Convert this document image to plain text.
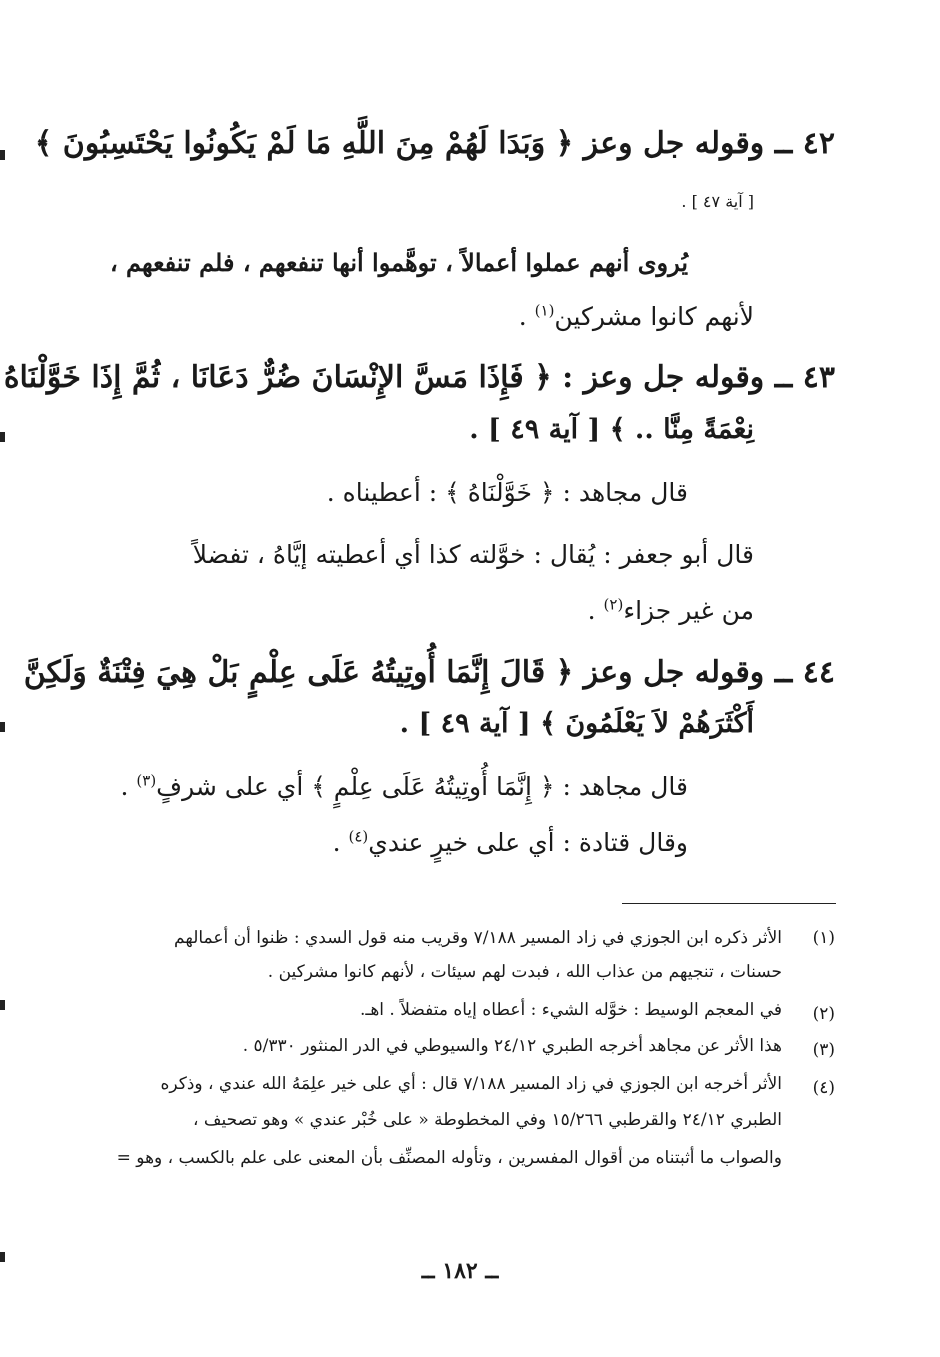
٤٢ ــ وقوله جل وعز ﴿ وَبَدَا لَهُمْ مِنَ اللَّهِ مَا لَمْ يَكُونُوا يَحْتَسِبُونَ ﴾
[ آية ٤٧ ] .
يُروى أنهم عملوا أعمالاً ، توهَّموا أنها تنفعهم ، فلم تنفعهم ،
لأنهم كانوا مشركين$^{(١)}$ .
٤٣ ــ وقوله جل وعز : ﴿ فَإِذَا مَسَّ الإِنْسَانَ ضُرٌّ دَعَانَا ، ثُمَّ إِذَا خَوَّلْنَاهُ
نِعْمَةً مِنَّا .. ﴾ [ آية ٤٩ ] .
قال مجاهد : ﴿ خَوَّلْنَاهُ ﴾ : أعطيناه .
قال أبو جعفر : يُقال : خوَّلته كذا أي أعطيته إيَّاهُ ، تفضلاً
من غير جزاء$^{(٢)}$ .
٤٤ ــ وقوله جل وعز ﴿ قَالَ إِنَّمَا أُوتِيتُهُ عَلَى عِلْمٍ بَلْ هِيَ فِتْنَةٌ وَلَكِنَّ
أَكْثَرَهُمْ لاَ يَعْلَمُونَ ﴾ [ آية ٤٩ ] .
قال مجاهد : ﴿ إِنَّمَا أُوتِيتُهُ عَلَى عِلْمٍ ﴾ أي على شرفٍ$^{(٣)}$ .
وقال قتادة : أي على خيرٍ عندي$^{(٤)}$ .
(١)
الأثر ذكره ابن الجوزي في زاد المسير ٧/١٨٨ وقريب منه قول السدي : ظنوا أن أعمالهم
حسنات ، تنجيهم من عذاب الله ، فبدت لهم سيئات ، لأنهم كانوا مشركين .
(٢)
في المعجم الوسيط : خوَّله الشيء : أعطاه إياه متفضلاً . اهـ.
(٣)
هذا الأثر عن مجاهد أخرجه الطبري ٢٤/١٢ والسيوطي في الدر المنثور ٥/٣٣٠ .
(٤)
الأثر أخرجه ابن الجوزي في زاد المسير ٧/١٨٨ قال : أي على خير علِمَهُ الله عندي ، وذكره
الطبري ٢٤/١٢ والقرطبي ١٥/٢٦٦ وفي المخطوطة « على خُبْر عندي » وهو تصحيف ،
والصواب ما أثبتناه من أقوال المفسرين ، وتأوله المصنِّف بأن المعنى على علم بالكسب ، وهو =
ــ ١٨٢ ــ
